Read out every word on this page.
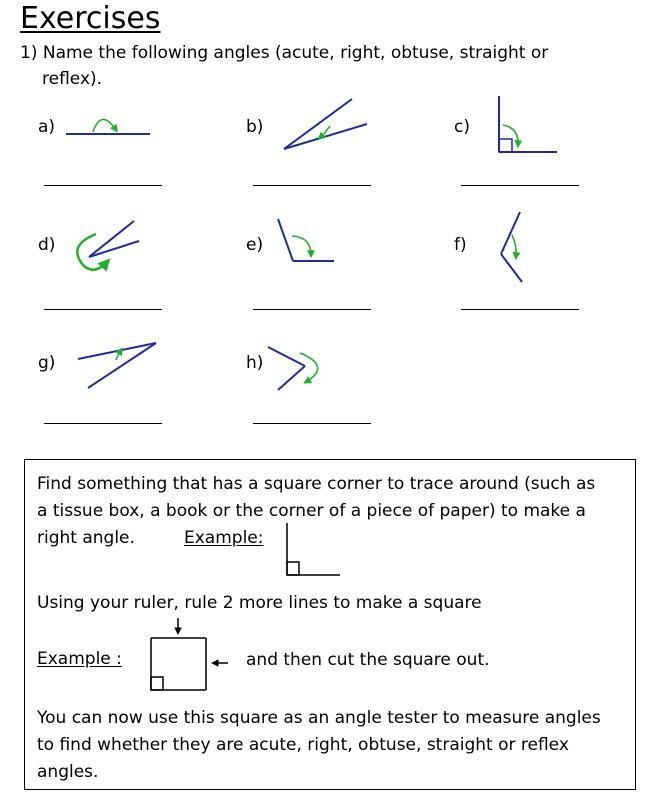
Exercises
1) Name the following angles (acute, right, obtuse, straight or
reflex).
a)	b)	c)
d)	e)	f)
g)	h)
Find something that has a square corner to trace around (such as
a tissue box, a book or the corner of a piece of paper) to make a
right angle.	Example:
Using your ruler, rule 2 more lines to make a square
Example :	and then cut the square out.
You can now use this square as an angle tester to measure angles
to find whether they are acute, right, obtuse, straight or reflex
angles.
